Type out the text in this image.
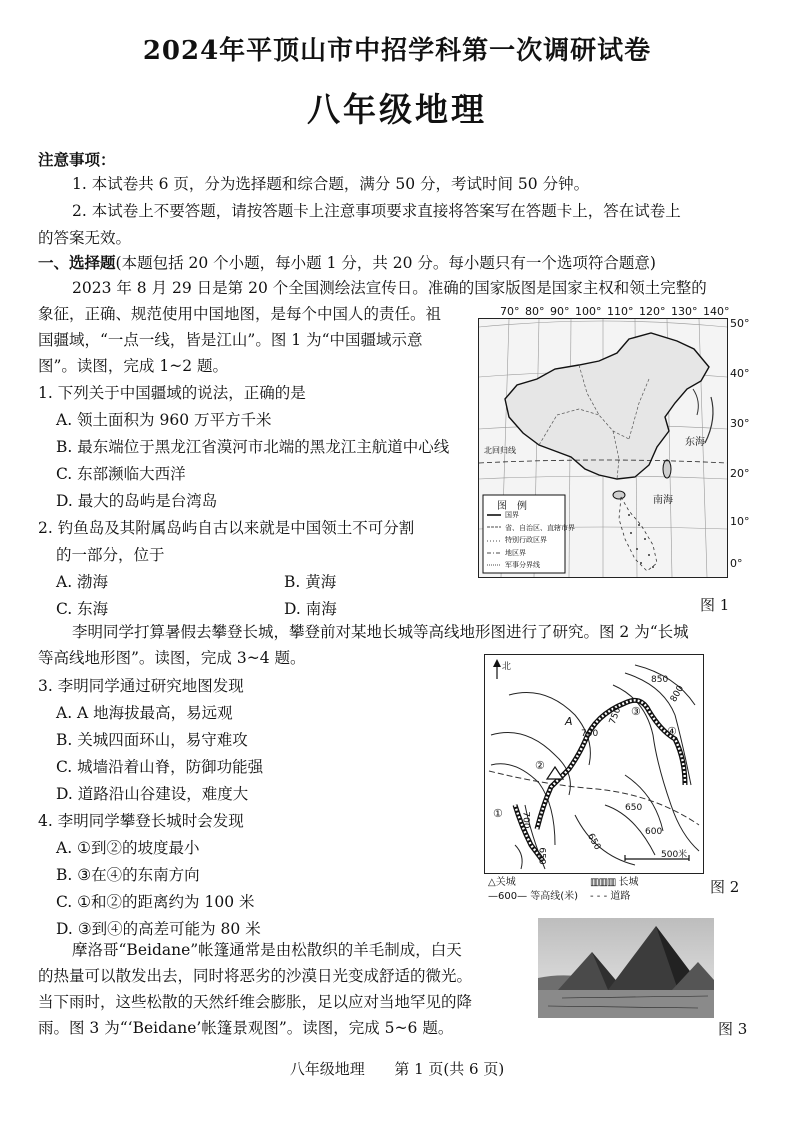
2024年平顶山市中招学科第一次调研试卷
八年级地理
注意事项：
1. 本试卷共 6 页，分为选择题和综合题，满分 50 分，考试时间 50 分钟。
2. 本试卷上不要答题，请按答题卡上注意事项要求直接将答案写在答题卡上，答在试卷上
的答案无效。
一、选择题(本题包括 20 个小题，每小题 1 分，共 20 分。每小题只有一个选项符合题意)
2023 年 8 月 29 日是第 20 个全国测绘法宣传日。准确的国家版图是国家主权和领土完整的
象征，正确、规范使用中国地图，是每个中国人的责任。祖
国疆域，“一点一线，皆是江山”。图 1 为“中国疆域示意
图”。读图，完成 1~2 题。
1. 下列关于中国疆域的说法，正确的是
A. 领土面积为 960 万平方千米
B. 最东端位于黑龙江省漠河市北端的黑龙江主航道中心线
C. 东部濒临大西洋
D. 最大的岛屿是台湾岛
2. 钓鱼岛及其附属岛屿自古以来就是中国领土不可分割
的一部分，位于
A. 渤海	B. 黄海
C. 东海	D. 南海
北回归线
东海
南海
图　例
国界
省、自治区、直辖市界
特别行政区界
地区界
军事分界线
70° 80° 90° 100° 110° 120° 130° 140°
50°
40°
30°
20°
10°
0°
图 1
李明同学打算暑假去攀登长城，攀登前对某地长城等高线地形图进行了研究。图 2 为“长城
等高线地形图”。读图，完成 3~4 题。
3. 李明同学通过研究地图发现
A. A 地海拔最高，易远观
B. 关城四面环山，易守难攻
C. 城墙沿着山脊，防御功能强
D. 道路沿山谷建设，难度大
4. 李明同学攀登长城时会发现
A. ①到②的坡度最小
B. ③在④的东南方向
C. ①和②的距离约为 100 米
D. ③到④的高差可能为 80 米
北
850
800
750
700
650
600
650
700
650
A
①
②
③
④
500米
△关城
—600— 等高线(米)
▥▥▥ 长城
- - - 道路
图 2
摩洛哥“Beidane”帐篷通常是由松散织的羊毛制成，白天
的热量可以散发出去，同时将恶劣的沙漠日光变成舒适的微光。
当下雨时，这些松散的天然纤维会膨胀，足以应对当地罕见的降
雨。图 3 为“‘Beidane’帐篷景观图”。读图，完成 5~6 题。	图 3
八年级地理 第 1 页(共 6 页)
